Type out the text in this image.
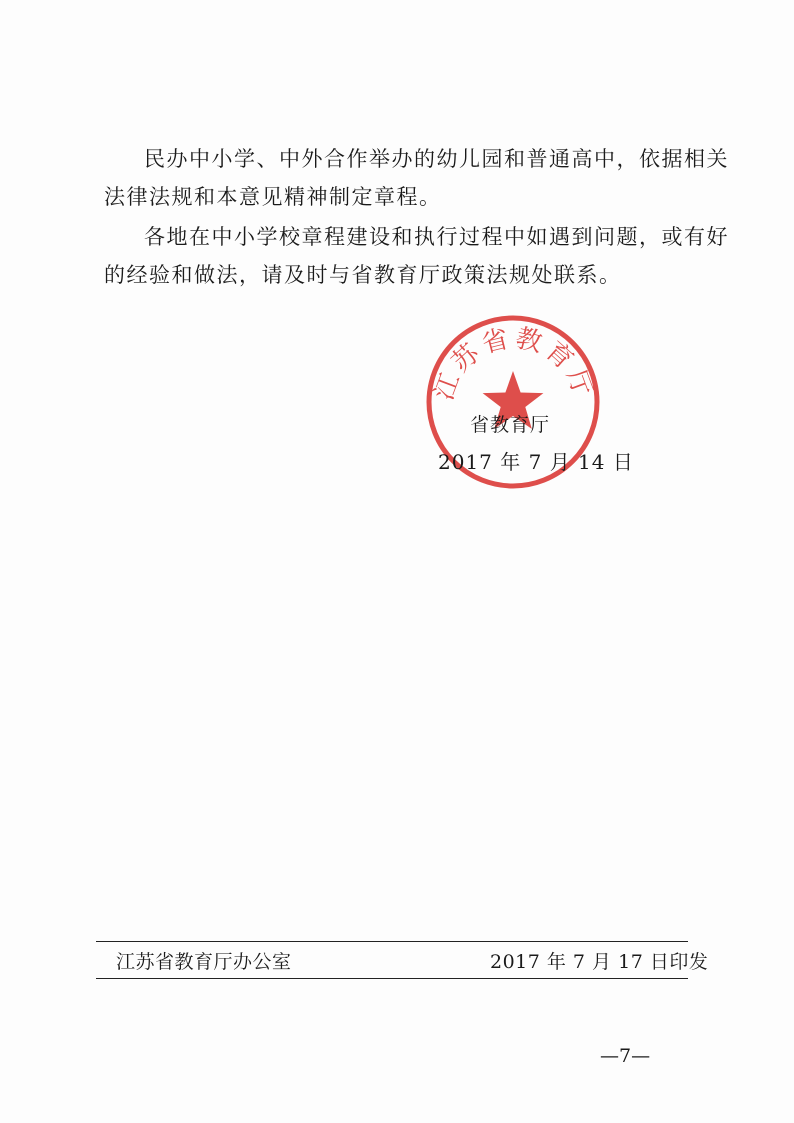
民办中小学、中外合作举办的幼儿园和普通高中，依据相关
法律法规和本意见精神制定章程。
各地在中小学校章程建设和执行过程中如遇到问题，或有好
的经验和做法，请及时与省教育厅政策法规处联系。
江苏省教育厅
省教育厅
2017 年 7 月 14 日
江苏省教育厅办公室	2017 年 7 月 17 日印发
—7—
